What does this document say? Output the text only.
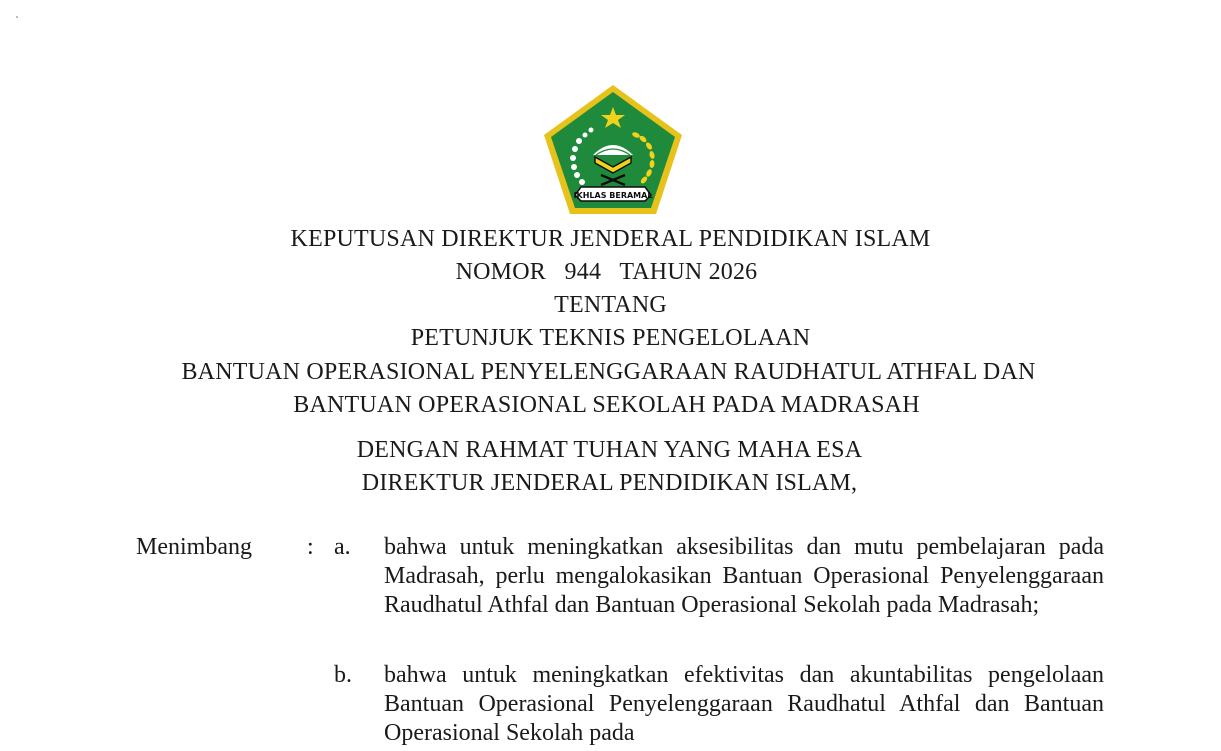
IKHLAS BERAMAL
KEPUTUSAN DIREKTUR JENDERAL PENDIDIKAN ISLAM
NOMOR   944   TAHUN 2026
TENTANG
PETUNJUK TEKNIS PENGELOLAAN
BANTUAN OPERASIONAL PENYELENGGARAAN RAUDHATUL ATHFAL DAN
BANTUAN OPERASIONAL SEKOLAH PADA MADRASAH
DENGAN RAHMAT TUHAN YANG MAHA ESA
DIREKTUR JENDERAL PENDIDIKAN ISLAM,
Menimbang : a. bahwa untuk meningkatkan aksesibilitas dan mutu pembelajaran pada Madrasah, perlu mengalokasikan Bantuan Operasional Penyelenggaraan Raudhatul Athfal dan Bantuan Operasional Sekolah pada Madrasah;
b. bahwa untuk meningkatkan efektivitas dan akuntabilitas pengelolaan Bantuan Operasional Penyelenggaraan Raudhatul Athfal dan Bantuan Operasional Sekolah pada
